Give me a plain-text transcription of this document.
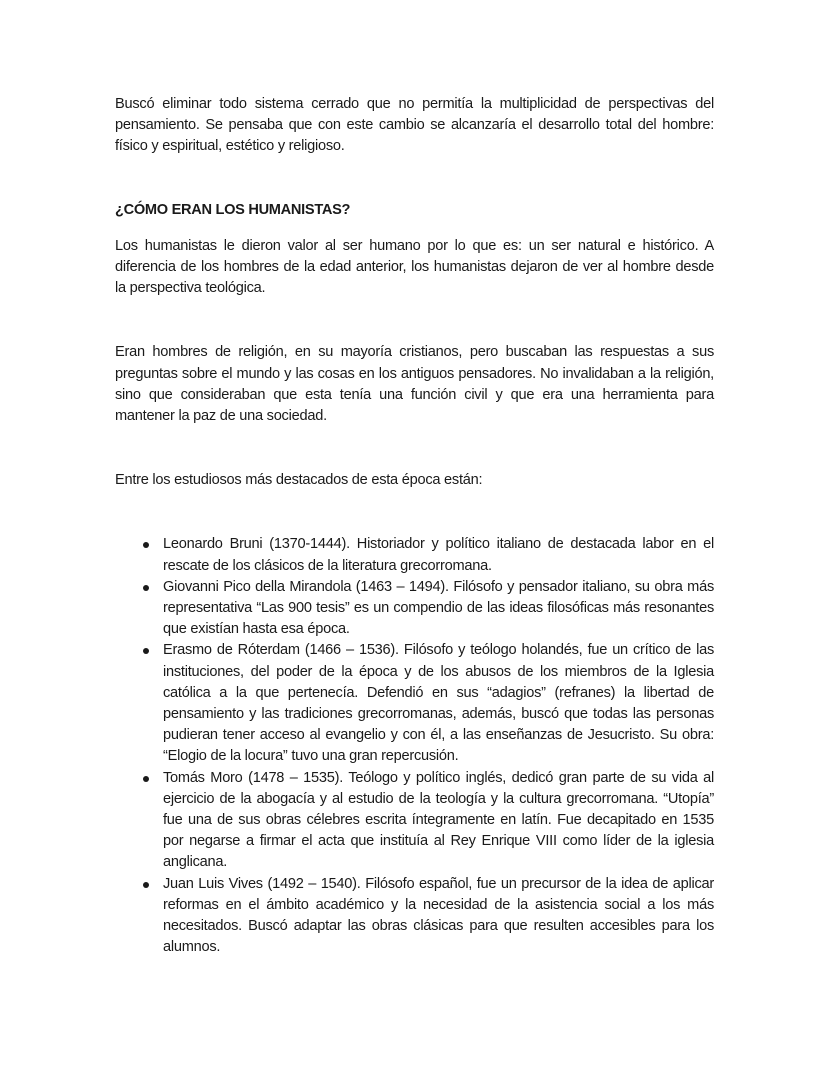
Buscó eliminar todo sistema cerrado que no permitía la multiplicidad de perspectivas del pensamiento. Se pensaba que con este cambio se alcanzaría el desarrollo total del hombre: físico y espiritual, estético y religioso.

¿CÓMO ERAN LOS HUMANISTAS?

Los humanistas le dieron valor al ser humano por lo que es: un ser natural e histórico. A diferencia de los hombres de la edad anterior, los humanistas dejaron de ver al hombre desde la perspectiva teológica.

Eran hombres de religión, en su mayoría cristianos, pero buscaban las respuestas a sus preguntas sobre el mundo y las cosas en los antiguos pensadores. No invalidaban a la religión, sino que consideraban que esta tenía una función civil y que era una herramienta para mantener la paz de una sociedad.

Entre los estudiosos más destacados de esta época están:

Leonardo Bruni (1370-1444). Historiador y político italiano de destacada labor en el rescate de los clásicos de la literatura grecorromana.
Giovanni Pico della Mirandola (1463 – 1494). Filósofo y pensador italiano, su obra más representativa “Las 900 tesis” es un compendio de las ideas filosóficas más resonantes que existían hasta esa época.
Erasmo de Róterdam (1466 – 1536). Filósofo y teólogo holandés, fue un crítico de las instituciones, del poder de la época y de los abusos de los miembros de la Iglesia católica a la que pertenecía. Defendió en sus “adagios” (refranes) la libertad de pensamiento y las tradiciones grecorromanas, además, buscó que todas las personas pudieran tener acceso al evangelio y con él, a las enseñanzas de Jesucristo. Su obra: “Elogio de la locura” tuvo una gran repercusión.
Tomás Moro (1478 – 1535). Teólogo y político inglés, dedicó gran parte de su vida al ejercicio de la abogacía y al estudio de la teología y la cultura grecorromana. “Utopía” fue una de sus obras célebres escrita íntegramente en latín. Fue decapitado en 1535 por negarse a firmar el acta que instituía al Rey Enrique VIII como líder de la iglesia anglicana.
Juan Luis Vives (1492 – 1540). Filósofo español, fue un precursor de la idea de aplicar reformas en el ámbito académico y la necesidad de la asistencia social a los más necesitados. Buscó adaptar las obras clásicas para que resulten accesibles para los alumnos.
